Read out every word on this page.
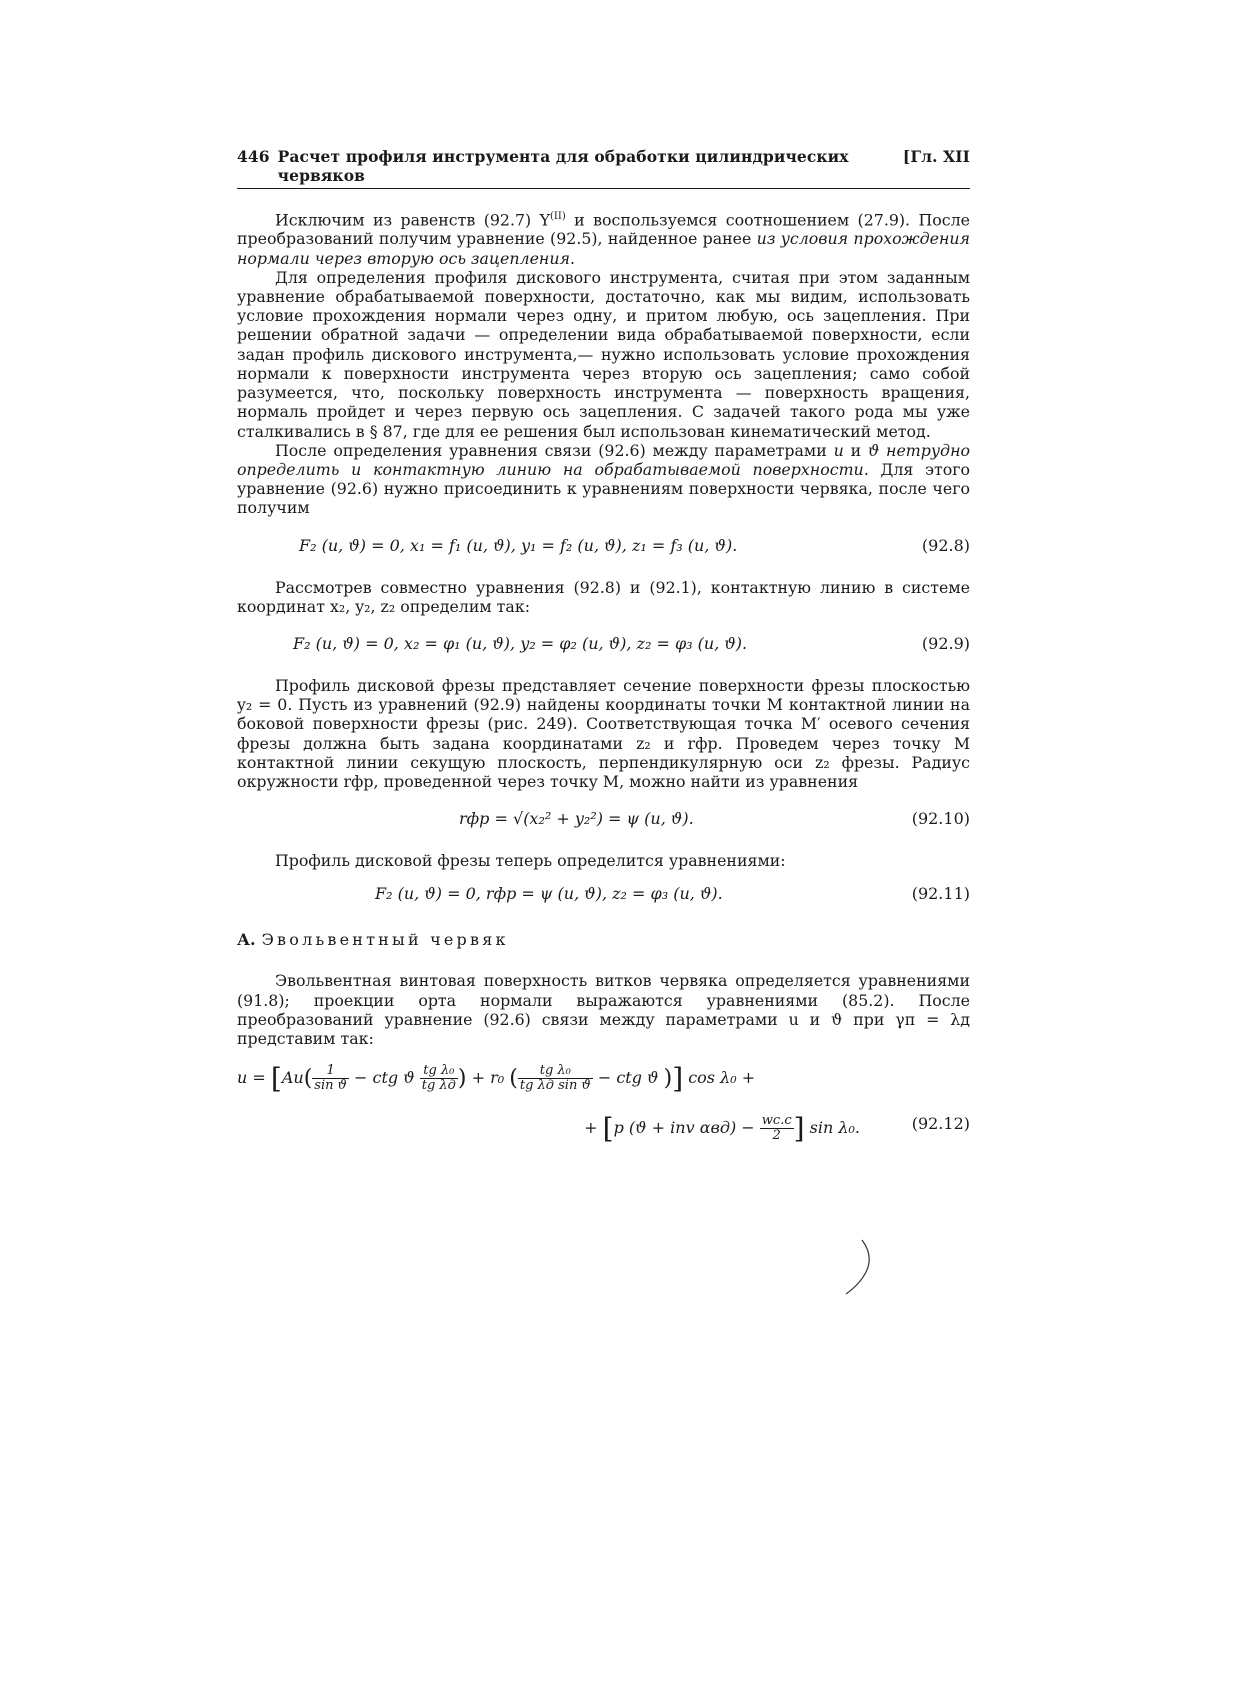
446 Расчет профиля инструмента для обработки цилиндрических червяков
[Гл. XII

Исключим из равенств (92.7) $Y^{(II)}$ и воспользуемся соотношением (27.9). После преобразований получим уравнение (92.5), найденное ранее из условия прохождения нормали через вторую ось зацепления.

Для определения профиля дискового инструмента, считая при этом заданным уравнение обрабатываемой поверхности, достаточно, как мы видим, использовать условие прохождения нормали через одну, и притом любую, ось зацепления. При решении обратной задачи — определении вида обрабатываемой поверхности, если задан профиль дискового инструмента,— нужно использовать условие прохождения нормали к поверхности инструмента через вторую ось зацепления; само собой разумеется, что, поскольку поверхность инструмента — поверхность вращения, нормаль пройдет и через первую ось зацепления. С задачей такого рода мы уже сталкивались в § 87, где для ее решения был использован кинематический метод.

После определения уравнения связи (92.6) между параметрами u и ϑ нетрудно определить и контактную линию на обрабатываемой поверхности. Для этого уравнение (92.6) нужно присоединить к уравнениям поверхности червяка, после чего получим

F₂ (u, ϑ) = 0, x₁ = f₁ (u, ϑ), y₁ = f₂ (u, ϑ), z₁ = f₃ (u, ϑ).	(92.8)

Рассмотрев совместно уравнения (92.8) и (92.1), контактную линию в системе координат x₂, y₂, z₂ определим так:

F₂ (u, ϑ) = 0, x₂ = φ₁ (u, ϑ), y₂ = φ₂ (u, ϑ), z₂ = φ₃ (u, ϑ).	(92.9)

Профиль дисковой фрезы представляет сечение поверхности фрезы плоскостью y₂ = 0. Пусть из уравнений (92.9) найдены координаты точки M контактной линии на боковой поверхности фрезы (рис. 249). Соответствующая точка M′ осевого сечения фрезы должна быть задана координатами z₂ и rфр. Проведем через точку M контактной линии секущую плоскость, перпендикулярную оси z₂ фрезы. Радиус окружности rфр, проведенной через точку M, можно найти из уравнения

rфр = √(x₂² + y₂²) = ψ (u, ϑ).	(92.10)

Профиль дисковой фрезы теперь определится уравнениями:

F₂ (u, ϑ) = 0, rфр = ψ (u, ϑ), z₂ = φ₃ (u, ϑ).	(92.11)

А. Эвольвентный червяк

Эвольвентная винтовая поверхность витков червяка определяется уравнениями (91.8); проекции орта нормали выражаются уравнениями (85.2). После преобразований уравнение (92.6) связи между параметрами u и ϑ при γп = λд представим так:

$u = [Aи( \frac{1}{\text{sin ϑ}}$ − ctg ϑ $\frac{\text{tg λ₀}}{\text{tg λд}}$ ) + r₀ ( $\frac{\text{tg λ₀}}{\text{tg λд sin ϑ}}$ − ctg ϑ )] cos λ₀ +
+ [p (ϑ + inv $\alpha вд) - \frac{wс.с}{2}$ ] sin λ₀.	(92.12)
